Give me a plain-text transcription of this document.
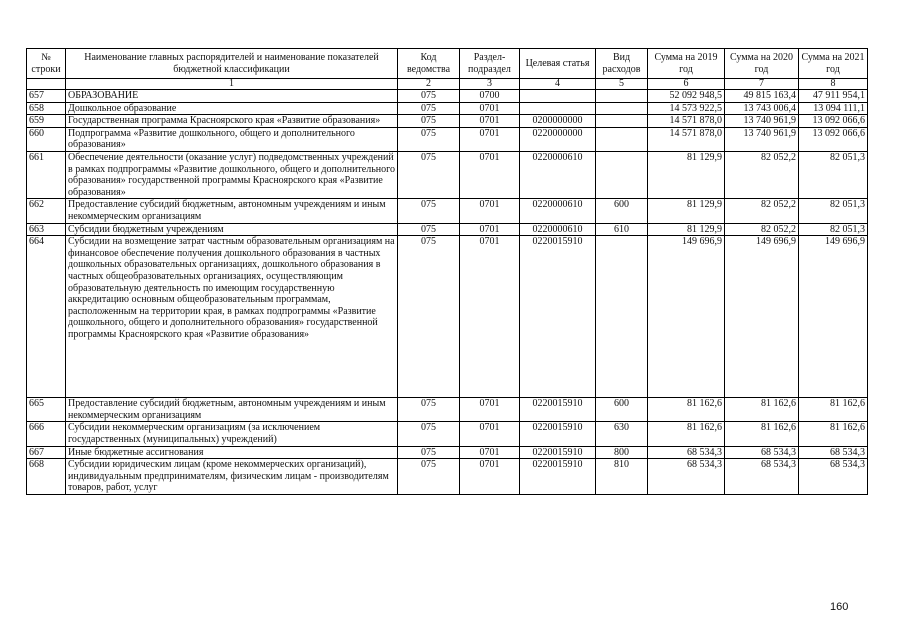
№ строки	Наименование главных распорядителей и наименование показателей бюджетной классификации	Код ведомства	Раздел-подраздел	Целевая статья	Вид расходов	Сумма на 2019 год	Сумма на 2020 год	Сумма на 2021 год
	1	2	3	4	5	6	7	8
657	ОБРАЗОВАНИЕ	075	0700			52 092 948,5	49 815 163,4	47 911 954,1
658	Дошкольное образование	075	0701			14 573 922,5	13 743 006,4	13 094 111,1
659	Государственная программа Красноярского края «Развитие образования»	075	0701	0200000000		14 571 878,0	13 740 961,9	13 092 066,6
660	Подпрограмма «Развитие дошкольного, общего и дополнительного образования»	075	0701	0220000000		14 571 878,0	13 740 961,9	13 092 066,6
661	Обеспечение деятельности (оказание услуг) подведомственных учреждений в рамках подпрограммы «Развитие дошкольного, общего и дополнительного образования» государственной программы Красноярского края «Развитие образования»	075	0701	0220000610		81 129,9	82 052,2	82 051,3
662	Предоставление субсидий бюджетным, автономным учреждениям и иным некоммерческим организациям	075	0701	0220000610	600	81 129,9	82 052,2	82 051,3
663	Субсидии бюджетным учреждениям	075	0701	0220000610	610	81 129,9	82 052,2	82 051,3
664	Субсидии на возмещение затрат частным образовательным организациям на финансовое обеспечение получения дошкольного образования в частных дошкольных образовательных организациях, дошкольного образования в частных общеобразовательных организациях, осуществляющим образовательную деятельность по имеющим государственную аккредитацию основным общеобразовательным программам, расположенным на территории края, в рамках подпрограммы «Развитие дошкольного, общего и дополнительного образования» государственной программы Красноярского края «Развитие образования»	075	0701	0220015910		149 696,9	149 696,9	149 696,9
665	Предоставление субсидий бюджетным, автономным учреждениям и иным некоммерческим организациям	075	0701	0220015910	600	81 162,6	81 162,6	81 162,6
666	Субсидии некоммерческим организациям (за исключением государственных (муниципальных) учреждений)	075	0701	0220015910	630	81 162,6	81 162,6	81 162,6
667	Иные бюджетные ассигнования	075	0701	0220015910	800	68 534,3	68 534,3	68 534,3
668	Субсидии юридическим лицам (кроме некоммерческих организаций), индивидуальным предпринимателям, физическим лицам - производителям товаров, работ, услуг	075	0701	0220015910	810	68 534,3	68 534,3	68 534,3
160
